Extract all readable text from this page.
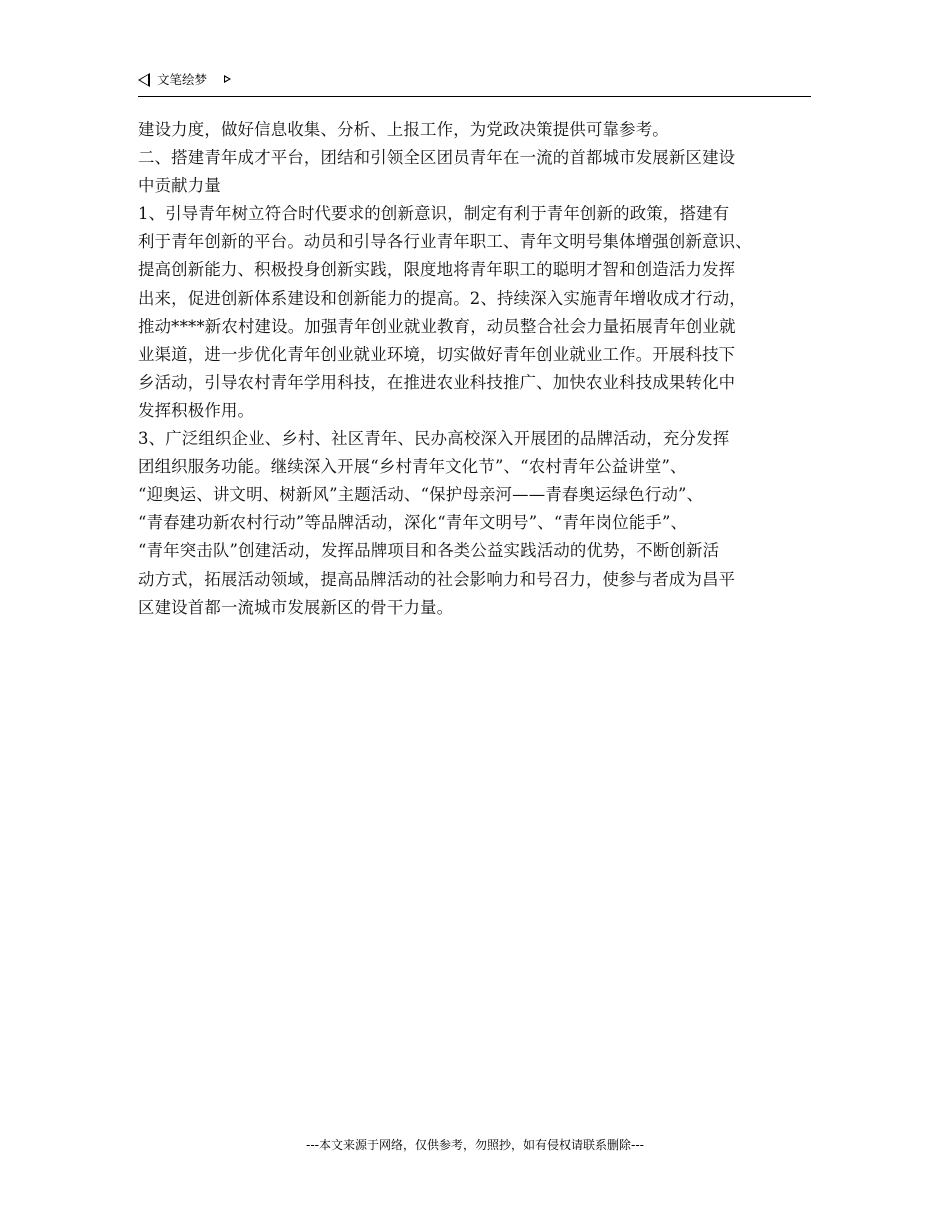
文笔绘梦
建设力度，做好信息收集、分析、上报工作，为党政决策提供可靠参考。
二、搭建青年成才平台，团结和引领全区团员青年在一流的首都城市发展新区建设
中贡献力量
1、引导青年树立符合时代要求的创新意识，制定有利于青年创新的政策，搭建有
利于青年创新的平台。动员和引导各行业青年职工、青年文明号集体增强创新意识、
提高创新能力、积极投身创新实践，限度地将青年职工的聪明才智和创造活力发挥
出来，促进创新体系建设和创新能力的提高。2、持续深入实施青年增收成才行动，
推动****新农村建设。加强青年创业就业教育，动员整合社会力量拓展青年创业就
业渠道，进一步优化青年创业就业环境，切实做好青年创业就业工作。开展科技下
乡活动，引导农村青年学用科技，在推进农业科技推广、加快农业科技成果转化中
发挥积极作用。
3、广泛组织企业、乡村、社区青年、民办高校深入开展团的品牌活动，充分发挥
团组织服务功能。继续深入开展“乡村青年文化节”、“农村青年公益讲堂”、
“迎奥运、讲文明、树新风”主题活动、“保护母亲河——青春奥运绿色行动”、
“青春建功新农村行动”等品牌活动，深化“青年文明号”、“青年岗位能手”、
“青年突击队”创建活动，发挥品牌项目和各类公益实践活动的优势，不断创新活
动方式，拓展活动领域，提高品牌活动的社会影响力和号召力，使参与者成为昌平
区建设首都一流城市发展新区的骨干力量。
---本文来源于网络，仅供参考，勿照抄，如有侵权请联系删除---
